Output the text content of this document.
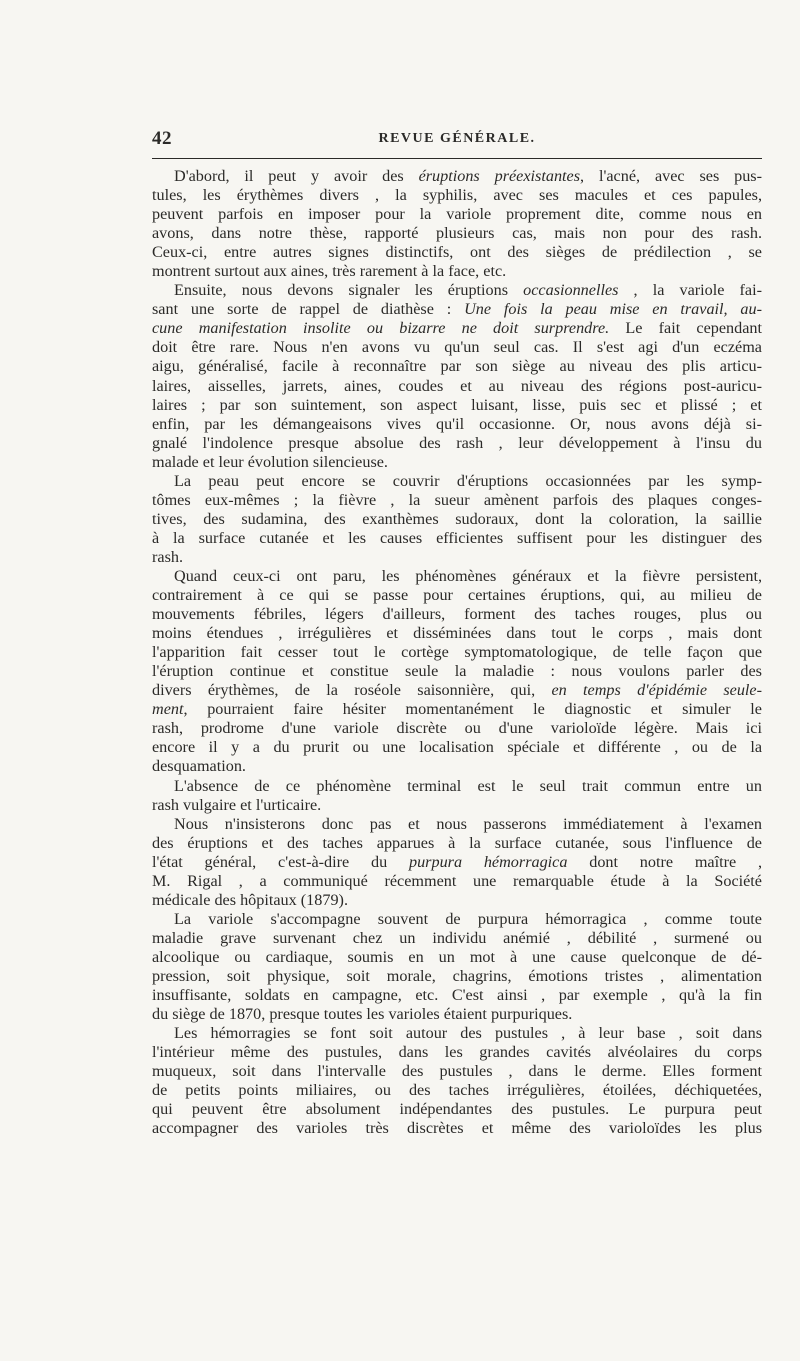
42	REVUE GÉNÉRALE.
D'abord, il peut y avoir des éruptions préexistantes, l'acné, avec ses pus-
tules, les érythèmes divers , la syphilis, avec ses macules et ces papules,
peuvent parfois en imposer pour la variole proprement dite, comme nous en
avons, dans notre thèse, rapporté plusieurs cas, mais non pour des rash.
Ceux-ci, entre autres signes distinctifs, ont des sièges de prédilection , se
montrent surtout aux aines, très rarement à la face, etc.
Ensuite, nous devons signaler les éruptions occasionnelles , la variole fai-
sant une sorte de rappel de diathèse : Une fois la peau mise en travail, au-
cune manifestation insolite ou bizarre ne doit surprendre. Le fait cependant
doit être rare. Nous n'en avons vu qu'un seul cas. Il s'est agi d'un eczéma
aigu, généralisé, facile à reconnaître par son siège au niveau des plis articu-
laires, aisselles, jarrets, aines, coudes et au niveau des régions post-auricu-
laires ; par son suintement, son aspect luisant, lisse, puis sec et plissé ; et
enfin, par les démangeaisons vives qu'il occasionne. Or, nous avons déjà si-
gnalé l'indolence presque absolue des rash , leur développement à l'insu du
malade et leur évolution silencieuse.
La peau peut encore se couvrir d'éruptions occasionnées par les symp-
tômes eux-mêmes ; la fièvre , la sueur amènent parfois des plaques conges-
tives, des sudamina, des exanthèmes sudoraux, dont la coloration, la saillie
à la surface cutanée et les causes efficientes suffisent pour les distinguer des
rash.
Quand ceux-ci ont paru, les phénomènes généraux et la fièvre persistent,
contrairement à ce qui se passe pour certaines éruptions, qui, au milieu de
mouvements fébriles, légers d'ailleurs, forment des taches rouges, plus ou
moins étendues , irrégulières et disséminées dans tout le corps , mais dont
l'apparition fait cesser tout le cortège symptomatologique, de telle façon que
l'éruption continue et constitue seule la maladie : nous voulons parler des
divers érythèmes, de la roséole saisonnière, qui, en temps d'épidémie seule-
ment, pourraient faire hésiter momentanément le diagnostic et simuler le
rash, prodrome d'une variole discrète ou d'une varioloïde légère. Mais ici
encore il y a du prurit ou une localisation spéciale et différente , ou de la
desquamation.
L'absence de ce phénomène terminal est le seul trait commun entre un
rash vulgaire et l'urticaire.
Nous n'insisterons donc pas et nous passerons immédiatement à l'examen
des éruptions et des taches apparues à la surface cutanée, sous l'influence de
l'état général, c'est-à-dire du purpura hémorragica dont notre maître ,
M. Rigal , a communiqué récemment une remarquable étude à la Société
médicale des hôpitaux (1879).
La variole s'accompagne souvent de purpura hémorragica , comme toute
maladie grave survenant chez un individu anémié , débilité , surmené ou
alcoolique ou cardiaque, soumis en un mot à une cause quelconque de dé-
pression, soit physique, soit morale, chagrins, émotions tristes , alimentation
insuffisante, soldats en campagne, etc. C'est ainsi , par exemple , qu'à la fin
du siège de 1870, presque toutes les varioles étaient purpuriques.
Les hémorragies se font soit autour des pustules , à leur base , soit dans
l'intérieur même des pustules, dans les grandes cavités alvéolaires du corps
muqueux, soit dans l'intervalle des pustules , dans le derme. Elles forment
de petits points miliaires, ou des taches irrégulières, étoilées, déchiquetées,
qui peuvent être absolument indépendantes des pustules. Le purpura peut
accompagner des varioles très discrètes et même des varioloïdes les plus
